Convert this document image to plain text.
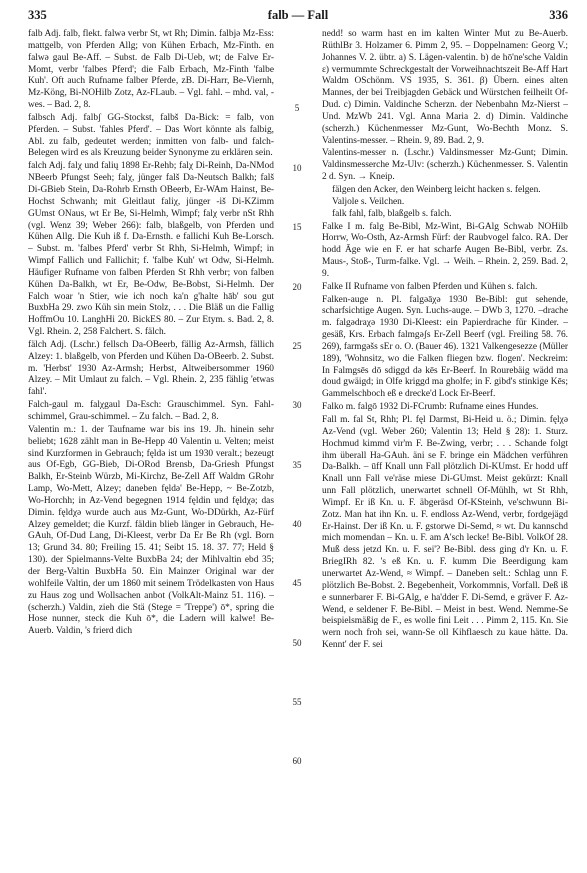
335	falb — Fall	336

falb Adj. falb, flekt. falwə verbr St, wt Rh; Dimin. falbjə Mz-Ess: mattgelb, von Pferden Allg; von Kühen Erbach, Mz-Finth. en falwə gaul Be-Aff. – Subst. de Falb Di-Ueb, wt; de Falve Er-Momt, verbr 'falbes Pferd'; die Falb Erbach, Mz-Finth 'falbe Kuh'. Oft auch Rufname falber Pferde, zB. Di-Harr, Be-Viernh, Mz-Köng, Bi-NOHilb Zotz, Az-FLaub. – Vgl. fahl. – mhd. val, -wes. – Bad. 2, 8.

falbsch Adj. falbʃ GG-Stockst, falbš Da-Bick: = falb, von Pferden. – Subst. 'fahles Pferd'. – Das Wort könnte als falbig, Abl. zu falb, gedeutet werden; inmitten von falb- und falch-Belegen wird es als Kreuzung beider Synonyme zu erklären sein.

falch Adj. falχ und falių 1898 Er-Rehb; falχ Di-Reinh, Da-NMod NBeerb Pfungst Seeh; falχ, jünger falš Da-Neutsch Balkh; falš Di-GBieb Stein, Da-Rohrb Ernsth OBeerb, Er-WAm Hainst, Be-Hochst Schwanh; mit Gleitlaut faliχ, jünger -iš Di-KZimm GUmst ONaus, wt Er Be, Si-Helmh, Wimpf; falχ verbr nSt Rhh (vgl. Wenz 39; Weber 266): falb, blaßgelb, von Pferden und Kühen Allg. Die Kuh iß f. Da-Ernsth. e fallichi Kuh Be-Lorsch. – Subst. m. 'falbes Pferd' verbr St Rhh, Si-Helmh, Wimpf; in Wimpf Fallich und Fallichit; f. 'falbe Kuh' wt Odw, Si-Helmh. Häufiger Rufname von falben Pferden St Rhh verbr; von falben Kühen Da-Balkh, wt Er, Be-Odw, Be-Bobst, Si-Helmh. Der Falch woar 'n Stier, wie ich noch ka'n g'halte hāb' sou gut BuxbHa 29. zwo Küh sin mein Stolz, . . . Die Bläß un die Fallig HoffmOu 10. LanghHi 20. BickES 80. – Zur Etym. s. Bad. 2, 8. Vgl. Rhein. 2, 258 Falchert. S. fälch.

fälch Adj. (Lschr.) fellsch Da-OBeerb, fällig Az-Armsh, fällich Alzey: 1. blaßgelb, von Pferden und Kühen Da-OBeerb. 2. Subst. m. 'Herbst' 1930 Az-Armsh; Herbst, Altweibersommer 1960 Alzey. – Mit Umlaut zu falch. – Vgl. Rhein. 2, 235 fählig 'etwas fahl'.

Falch-gaul m. falχgaul Da-Esch: Grauschimmel. Syn. Fahl-schimmel, Grau-schimmel. – Zu falch. – Bad. 2, 8.

Valentin m.: 1. der Taufname war bis ins 19. Jh. hinein sehr beliebt; 1628 zählt man in Be-Hepp 40 Valentin u. Velten; meist sind Kurzformen in Gebrauch; fęldə ist um 1930 veralt.; bezeugt aus Of-Egb, GG-Bieb, Di-ORod Brensb, Da-Griesh Pfungst Balkh, Er-Steinb Würzb, Mi-Kirchz, Be-Zell Aff Waldm GRohr Lamp, Wo-Mett, Alzey; daneben fęldə' Be-Hepp, ~ Be-Zotzb, Wo-Horchh; in Az-Vend begegnen 1914 fęldin und fęldχə; das Dimin. fęldχə wurde auch aus Mz-Gunt, Wo-DDürkh, Az-Fürf Alzey gemeldet; die Kurzf. fäldin blieb länger in Gebrauch, He-GAuh, Of-Dud Lang, Di-Kleest, verbr Da Er Be Rh (vgl. Born 13; Grund 34. 80; Freiling 15. 41; Seibt 15. 18. 37. 77; Held § 130). der Spielmanns-Velte BuxbBa 24; der Mihlvaltin ebd 35; der Berg-Valtin BuxbHa 50. Ein Mainzer Original war der wohlfeile Valtin, der um 1860 mit seinem Trödelkasten von Haus zu Haus zog und Wollsachen anbot (VolkAlt-Mainz 51. 116). – (scherzh.) Valdin, zieh die Stä (Stege = 'Treppe') ō*, spring die Hose nunner, steck die Kuh ō*, die Ladern will kalwe! Be-Auerb. Valdin, 's frierd dich

5
10
15
20
25
30
35
40
45
50
55
60

nedd! so warm hast en im kalten Winter Mut zu Be-Auerb. RüthlBr 3. Holzamer 6. Pimm 2, 95. – Doppelnamen: Georg V.; Johannes V. 2. übtr. a) S. Lägen-valentin. b) de hō'ne'sche Valdin ɛ) vermummte Schreckgestalt der Vorweihnachtszeit Be-Aff Hart Waldm OSchönm. VS 1935, S. 361. β) Übern. eines alten Mannes, der bei Treibjagden Gebäck und Würstchen feilheilt Of-Dud. c) Dimin. Valdinche Scherzn. der Nebenbahn Mz-Nierst – Und. MzWb 241. Vgl. Anna Maria 2. d) Dimin. Valdinche (scherzh.) Küchenmesser Mz-Gunt, Wo-Bechth Monz. S. Valentins-messer. – Rhein. 9, 89. Bad. 2, 9.

Valentins-messer n. (Lschr.) Valdinsmesser Mz-Gunt; Dimin. Valdinsmesserche Mz-Ulv: (scherzh.) Küchenmesser. S. Valentin 2 d. Syn. → Kneip.

fälgen den Acker, den Weinberg leicht hacken s. felgen.

Valjole s. Veilchen.

falk fahl, falb, blaßgelb s. falch.

Falke I m. falg Be-Bibl, Mz-Wint, Bi-GAlg Schwab NOHilb Horrw, Wo-Osth, Az-Armsh Fürf: der Raubvogel falco. RA. Der hodd Āge wie en F. er hat scharfe Augen Be-Bibl, verbr. Zs. Maus-, Stoß-, Turm-falke. Vgl. → Weih. – Rhein. 2, 259. Bad. 2, 9.

Falke II Rufname von falben Pferden und Kühen s. falch.

Falken-auge n. Pl. falgəāχə 1930 Be-Bibl: gut sehende, scharfsichtige Augen. Syn. Luchs-auge. – DWb 3, 1270. –drache m. falgədraχə 1930 Di-Kleest: ein Papierdrache für Kinder. –gesäß, Krs. Erbach falmgəʃs Er-Zell Beerf (vgl. Freiling 58. 76. 269), farmgəšs sEr o. O. (Bauer 46). 1321 Valkengesezze (Müller 189), 'Wohnsitz, wo die Falken fliegen bzw. flogen'. Neckreim: In Falmgsēs dō sdiggd də kēs Er-Beerf. In Rourebäig wädd ma doud gwäigd; in Olfe kriggd ma gholfe; in F. gibd's stinkige Kēs; Gammelschboch eß e drecke'd Lock Er-Beerf.

Falko m. falgō 1932 Di-FCrumb: Rufname eines Hundes.

Fall m. fal St, Rhh; Pl. fęl Darmst, Bi-Heid u. ö.; Dimin. fęlχə Az-Vend (vgl. Weber 260; Valentin 13; Held § 28): 1. Sturz. Hochmud kimmd vir'm F. Be-Zwing, verbr; . . . Schande folgt ihm überall Ha-GAuh. äni se F. bringe ein Mädchen verführen Da-Balkh. – ūff Knall unn Fall plötzlich Di-KUmst. Er hodd uff Knall unn Fall ve'räse miese Di-GUmst. Meist gekürzt: Knall unn Fall plötzlich, unerwartet schnell Of-Mühlh, wt St Rhh, Wimpf. Er iß Kn. u. F. äbgeräsd Of-KSteinh, ve'schwunn Bi-Zotz. Man hat ihn Kn. u. F. endloss Az-Wend, verbr, fordgejägd Er-Hainst. Der iß Kn. u. F. gstorwe Di-Semd, ≈ wt. Du kannschd mich momendan – Kn. u. F. am A'sch lecke! Be-Bibl. VolkOf 28. Muß dess jetzd Kn. u. F. sei'? Be-Bibl. dess ging d'r Kn. u. F. BriegIRh 82. 's eß Kn. u. F. kumm Die Beerdigung kam unerwartet Az-Wend, ≈ Wimpf. – Daneben selt.: Schlag unn F. plötzlich Be-Bobst. 2. Begebenheit, Vorkommnis, Vorfall. Deß iß e sunnerbarer F. Bi-GAlg, e ha'dder F. Di-Semd, e gräver F. Az-Wend, e seldener F. Be-Bibl. – Meist in best. Wend. Nemme-Se beispielsmäßig de F., es wolle fini Leit . . . Pimm 2, 115. Kn. Sie wern noch froh sei, wann-Se oll Kihflaesch zu kaue hätte. Da. Kennt' der F. sei
